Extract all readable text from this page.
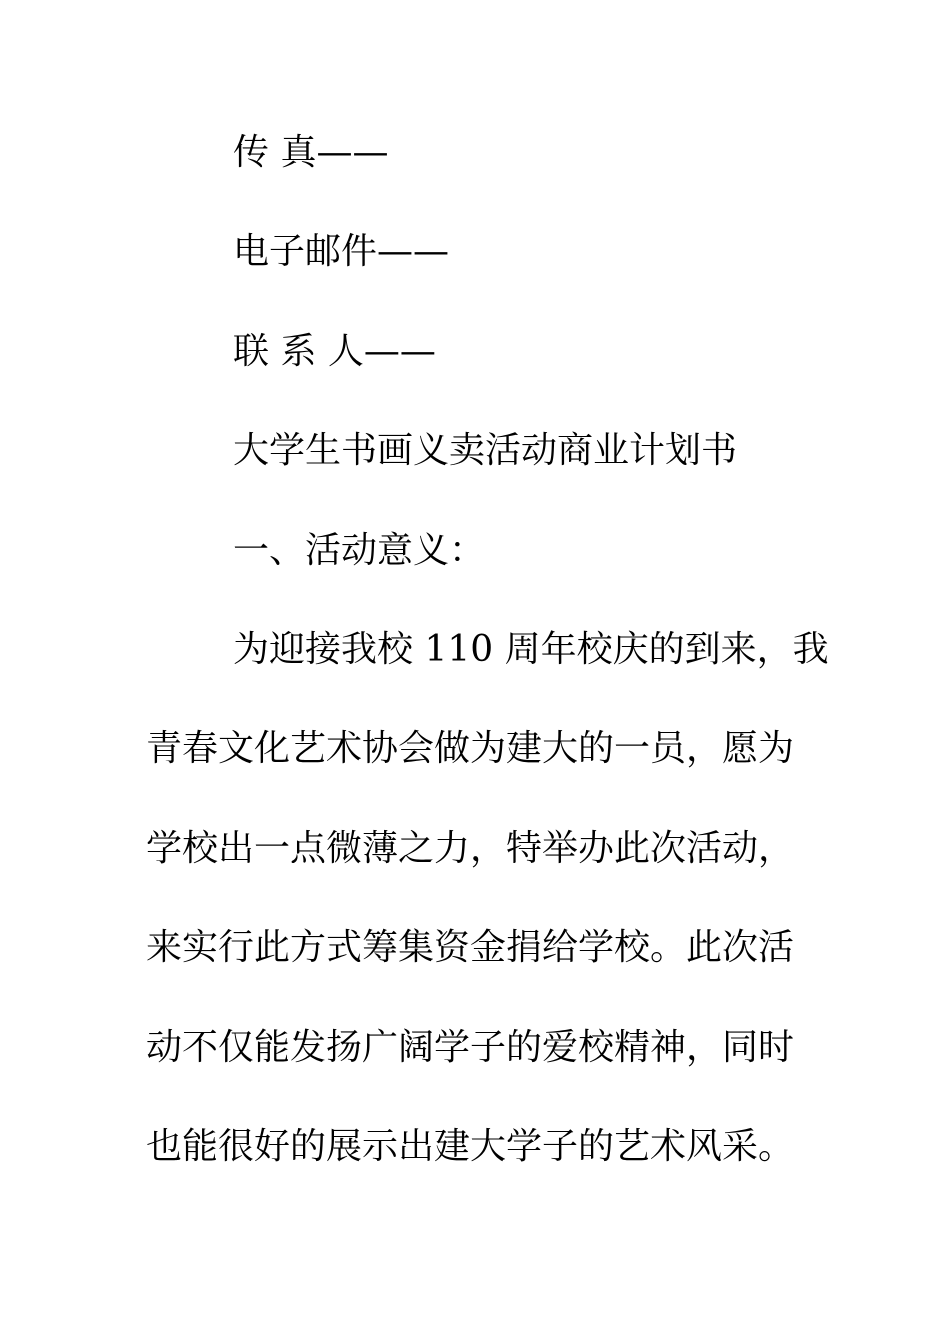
传 真——
电子邮件——
联 系 人——
大学生书画义卖活动商业计划书
一、活动意义：
为迎接我校 110 周年校庆的到来，我
青春文化艺术协会做为建大的一员，愿为
学校出一点微薄之力，特举办此次活动，
来实行此方式筹集资金捐给学校。此次活
动不仅能发扬广阔学子的爱校精神，同时
也能很好的展示出建大学子的艺术风采。
